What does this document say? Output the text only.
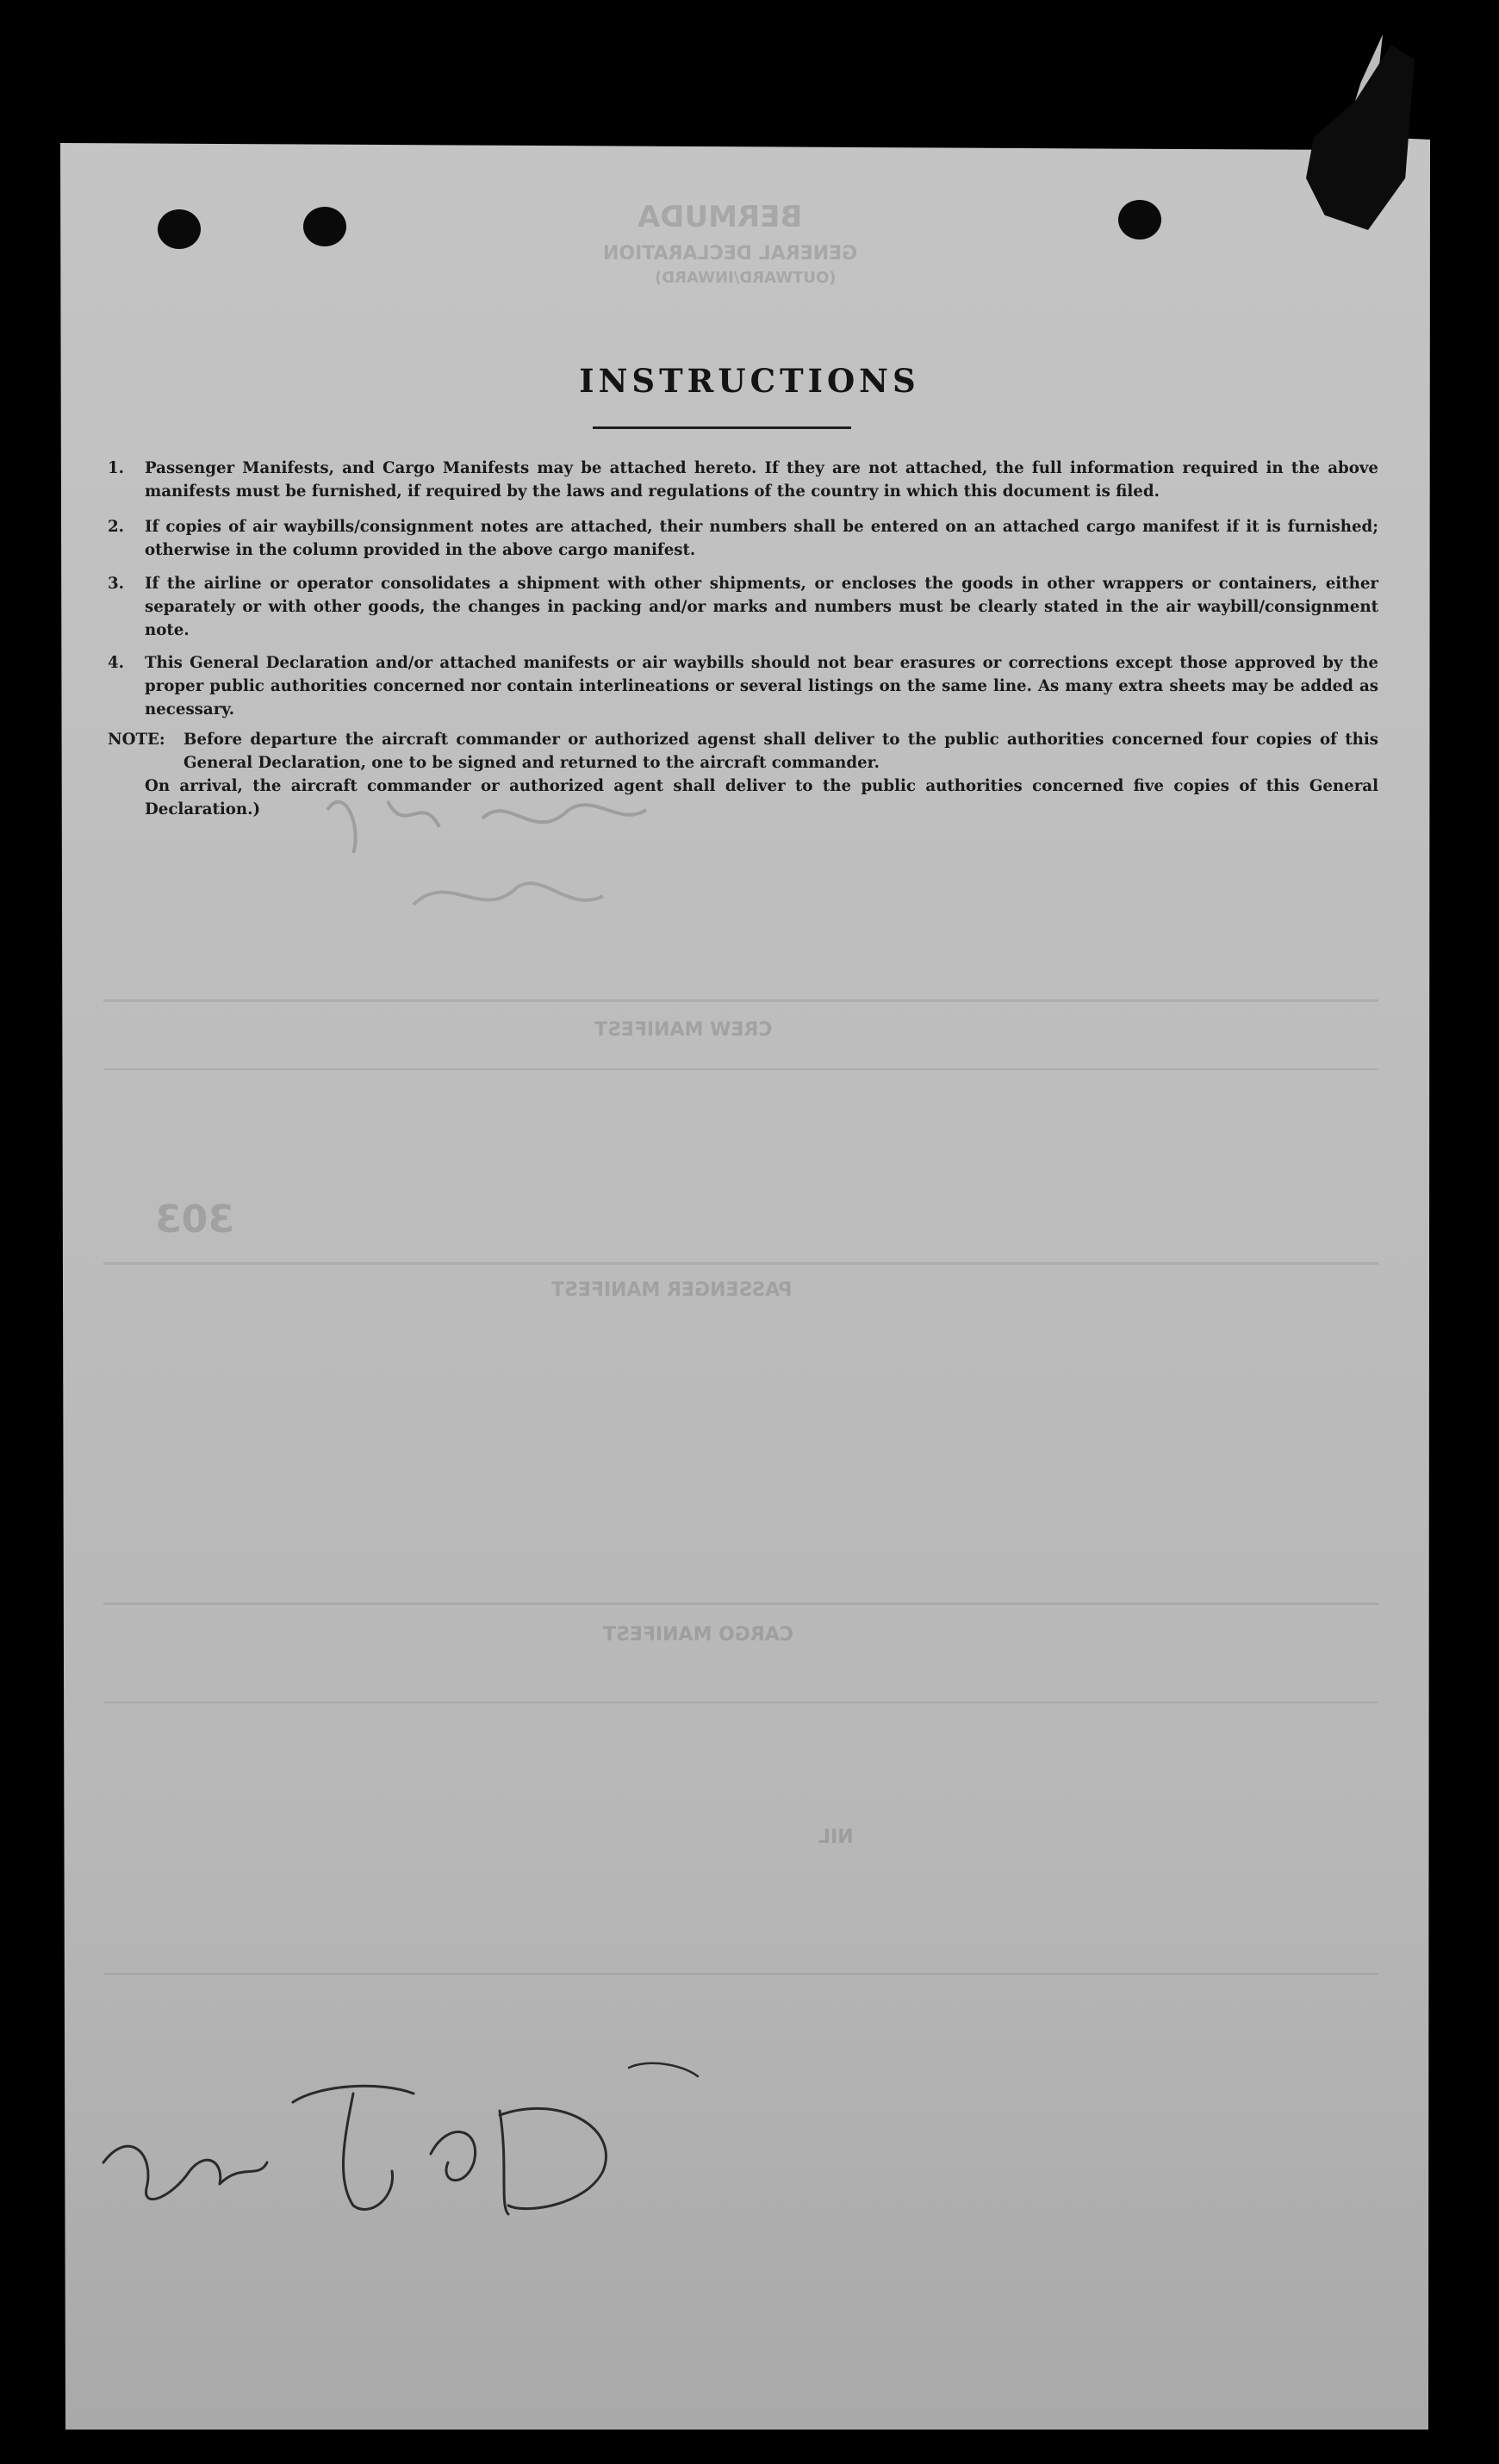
BERMUDA
GENERAL DECLARATION
(OUTWARD/INWARD)
CREW MANIFEST
303
PASSENGER MANIFEST
CARGO MANIFEST
NIL
INSTRUCTIONS
1. Passenger Manifests, and Cargo Manifests may be attached hereto. If they are not attached, the full information required in the above manifests must be furnished, if required by the laws and regulations of the country in which this document is filed.
2. If copies of air waybills/consignment notes are attached, their numbers shall be entered on an attached cargo manifest if it is furnished; otherwise in the column provided in the above cargo manifest.
3. If the airline or operator consolidates a shipment with other shipments, or encloses the goods in other wrappers or containers, either separately or with other goods, the changes in packing and/or marks and numbers must be clearly stated in the air waybill/consignment note.
4. This General Declaration and/or attached manifests or air waybills should not bear erasures or corrections except those approved by the proper public authorities concerned nor contain interlineations or several listings on the same line. As many extra sheets may be added as necessary.
NOTE: Before departure the aircraft commander or authorized agenst shall deliver to the public authorities concerned four copies of this General Declaration, one to be signed and returned to the aircraft commander.
On arrival, the aircraft commander or authorized agent shall deliver to the public authorities concerned five copies of this General Declaration.)
